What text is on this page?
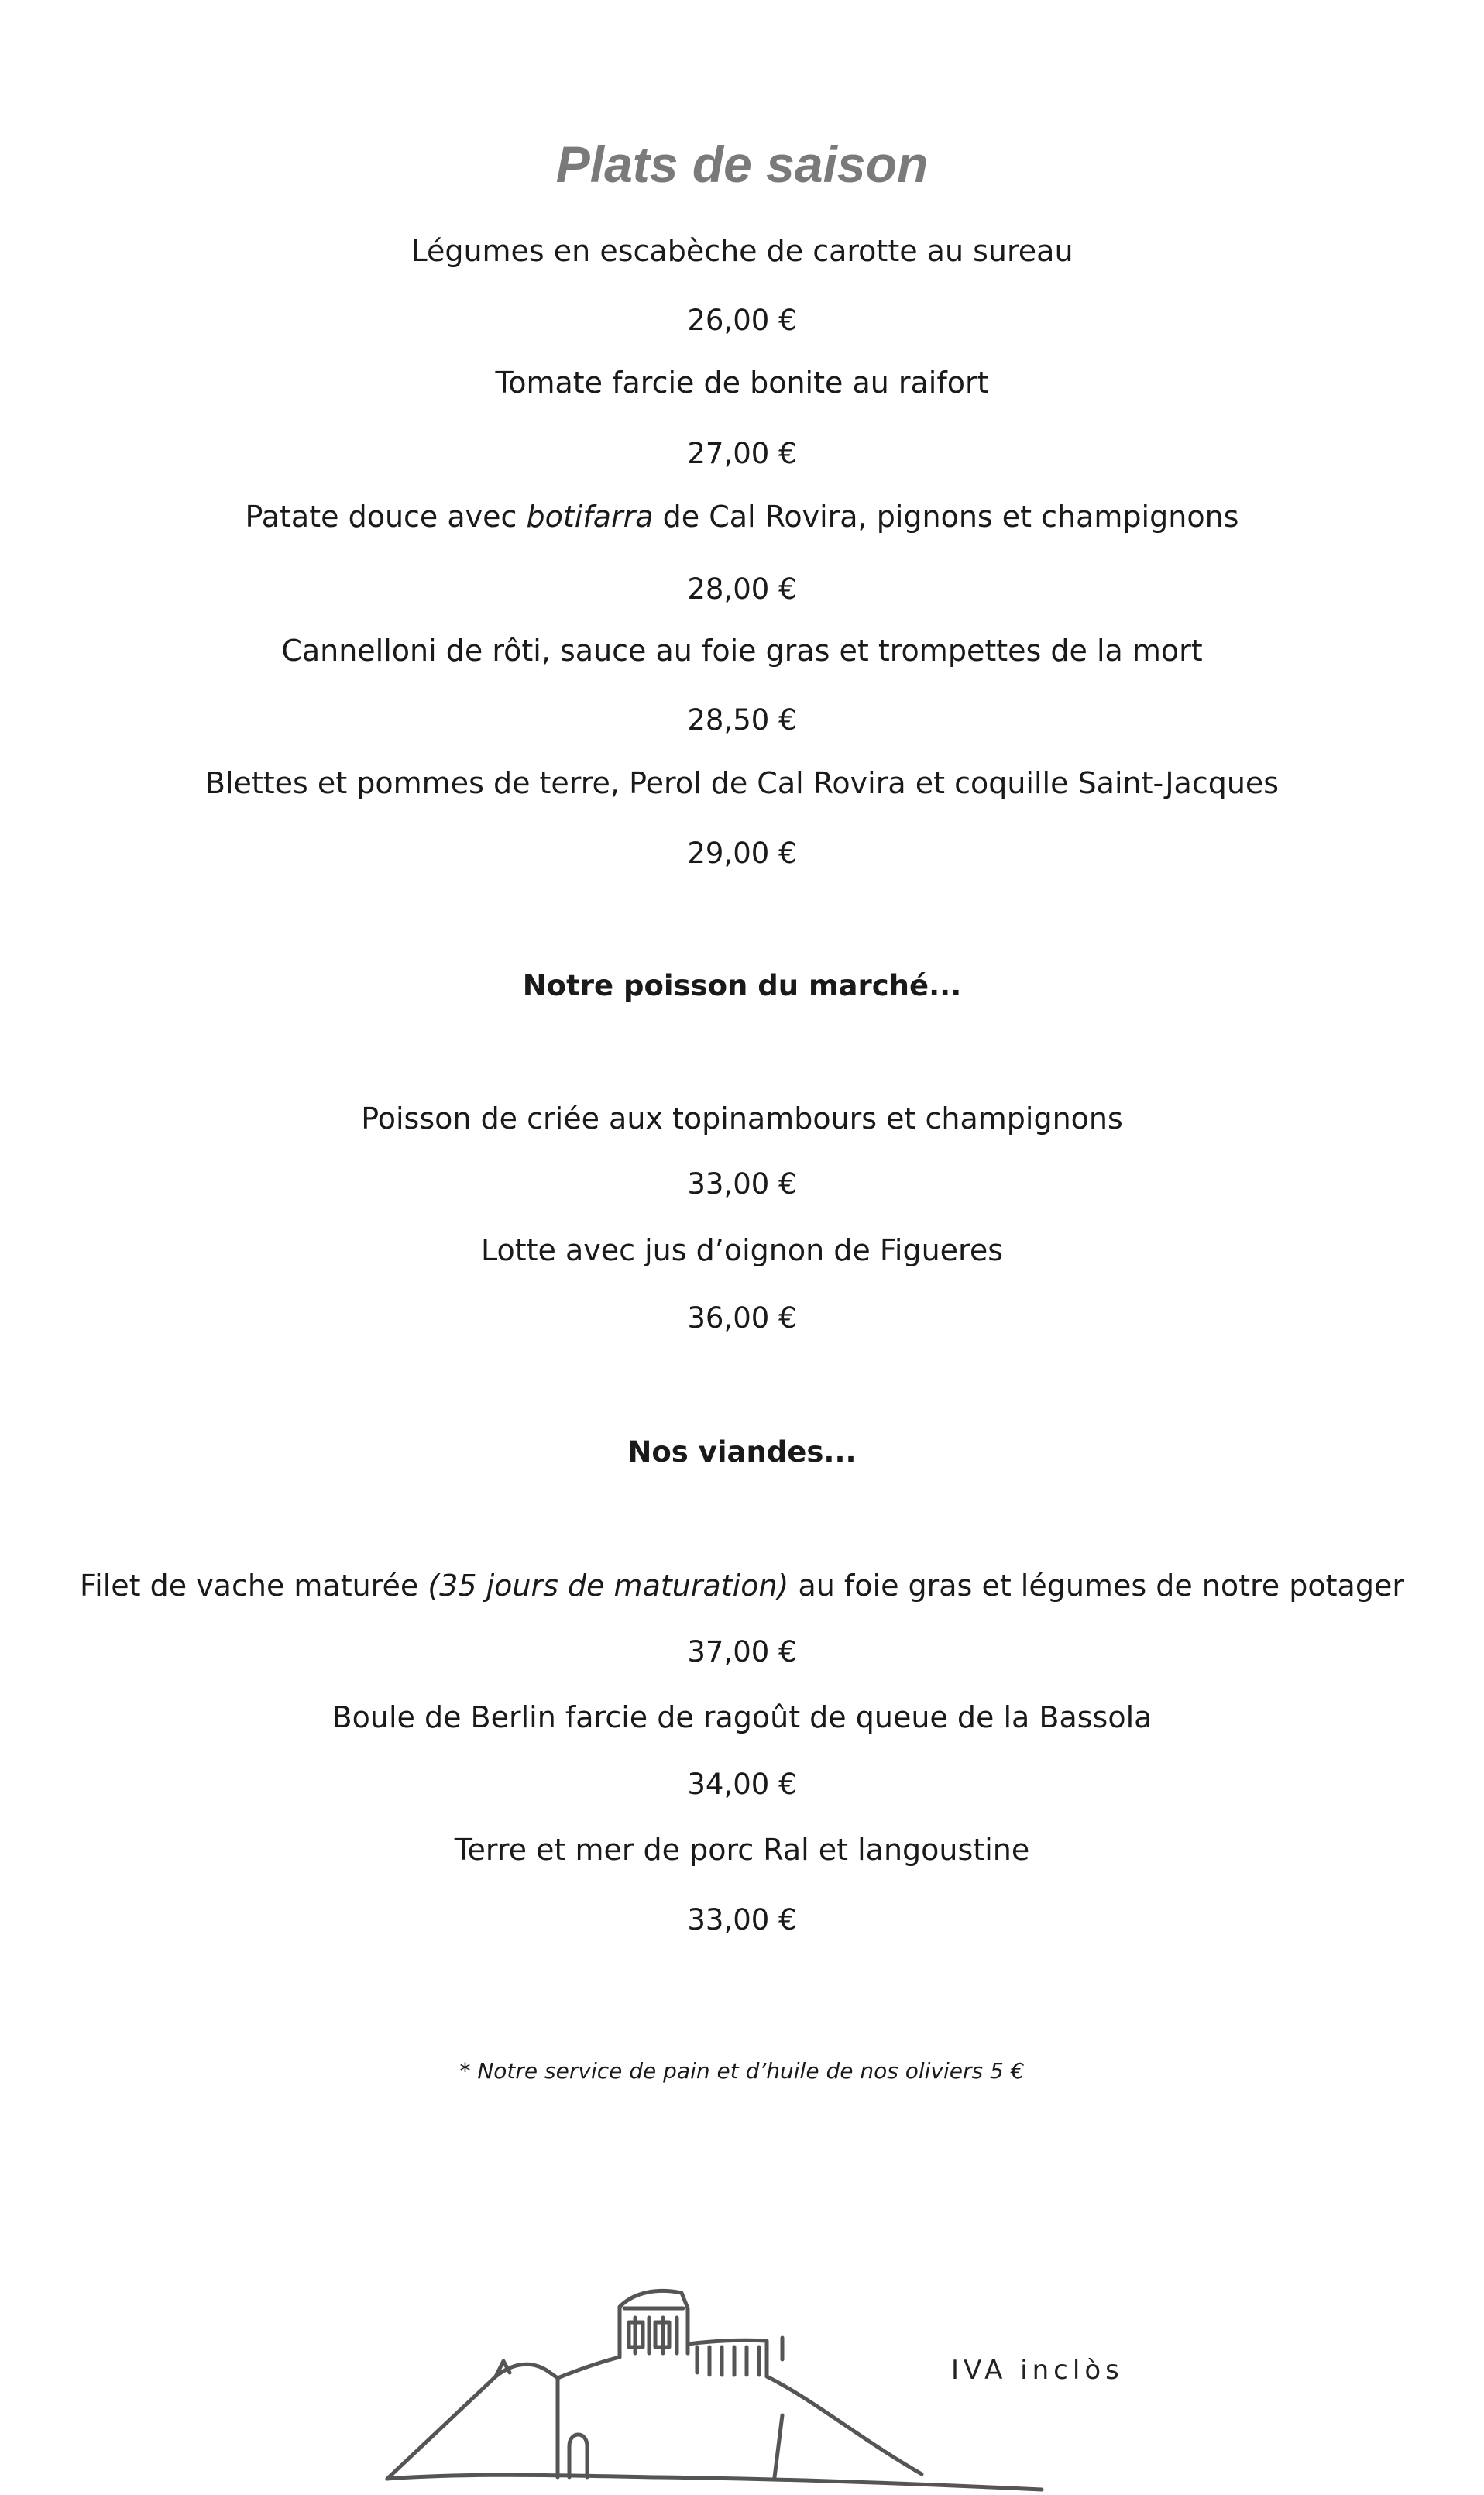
Plats de saison
Légumes en escabèche de carotte au sureau
26,00 €
Tomate farcie de bonite au raifort
27,00 €
Patate douce avec botifarra de Cal Rovira, pignons et champignons
28,00 €
Cannelloni de rôti, sauce au foie gras et trompettes de la mort
28,50 €
Blettes et pommes de terre, Perol de Cal Rovira et coquille Saint-Jacques
29,00 €
Notre poisson du marché...
Poisson de criée aux topinambours et champignons
33,00 €
Lotte avec jus d’oignon de Figueres
36,00 €
Nos viandes...
Filet de vache maturée (35 jours de maturation) au foie gras et légumes de notre potager
37,00 €
Boule de Berlin farcie de ragoût de queue de la Bassola
34,00 €
Terre et mer de porc Ral et langoustine
33,00 €
* Notre service de pain et d’huile de nos oliviers 5 €
IVA inclòs
